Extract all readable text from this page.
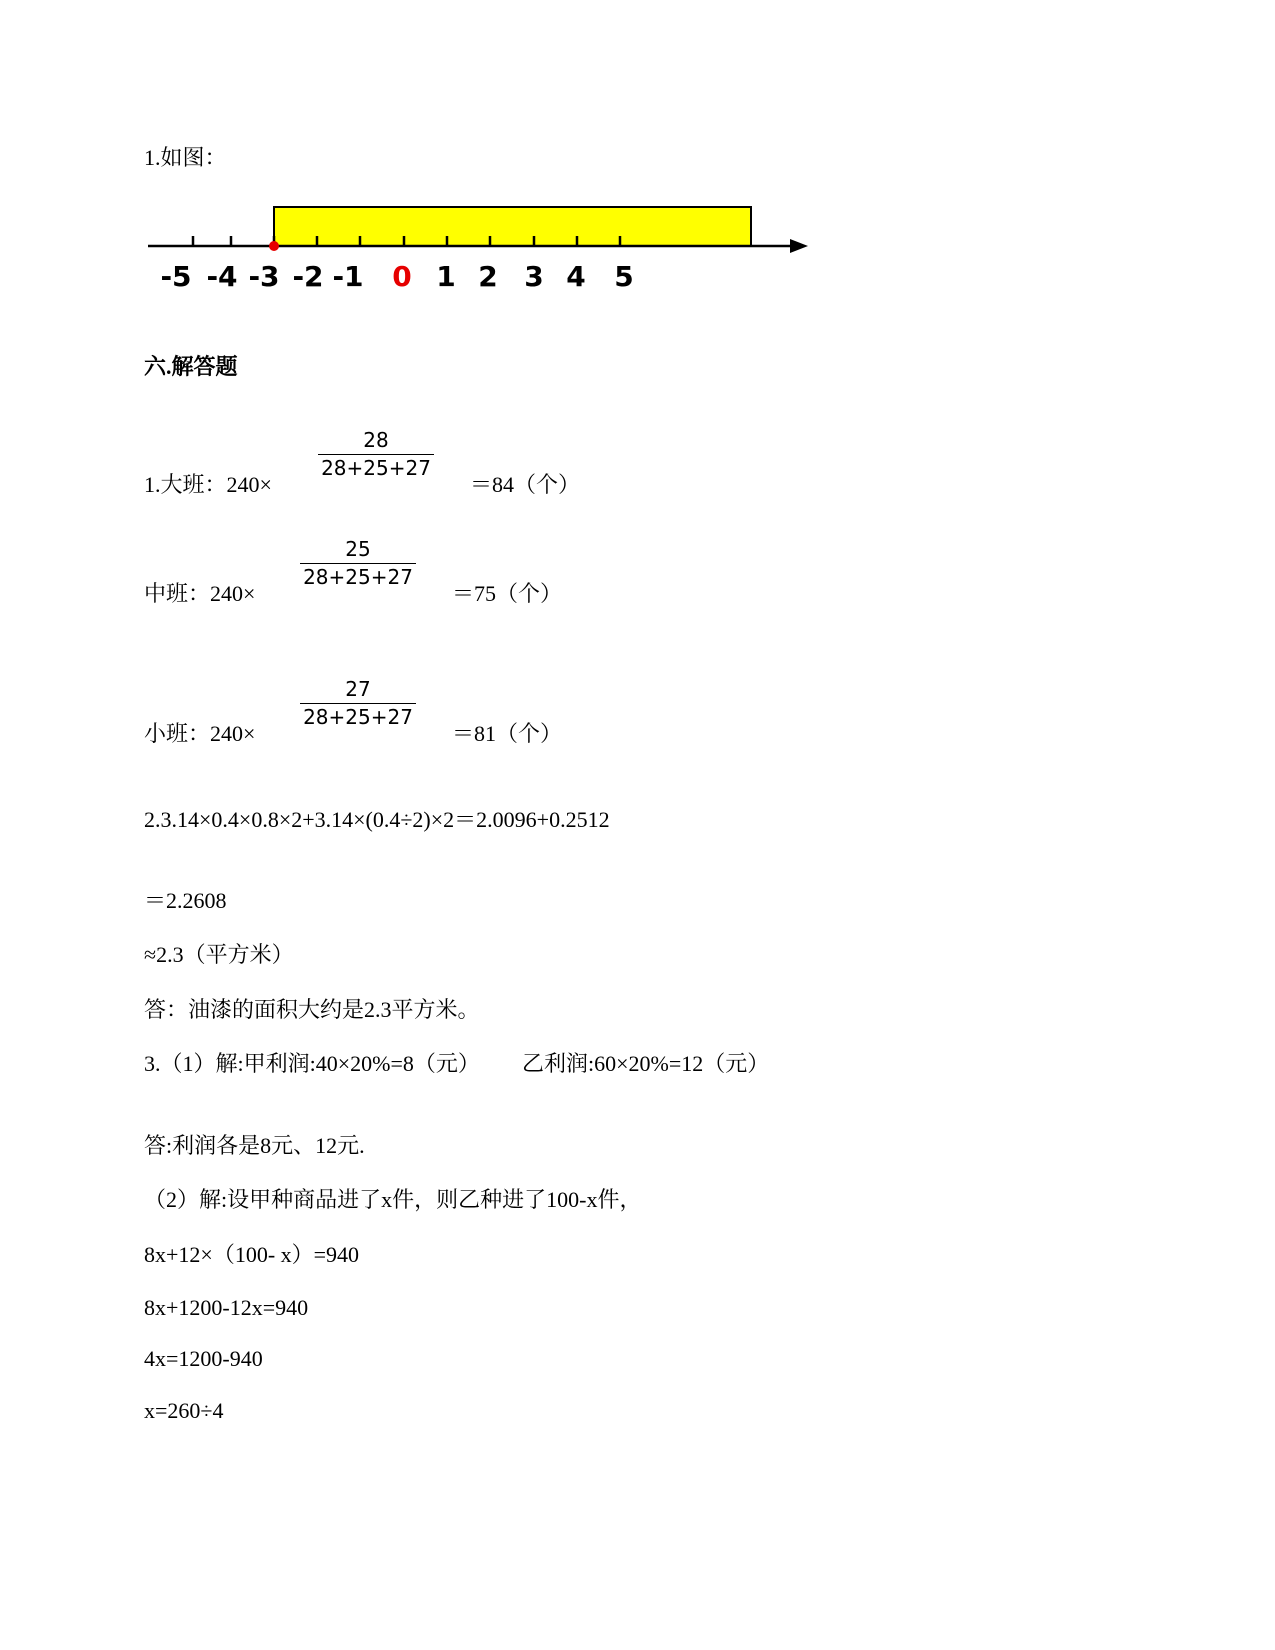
1.如图：
-5 -4 -3 -2 -1 0 1 2 3 4 5
六.解答题
1.大班：240×
28
28+25+27
＝84（个）
中班：240×
25
28+25+27
＝75（个）
小班：240×
27
28+25+27
＝81（个）
2.3.14×0.4×0.8×2+3.14×(0.4÷2)×2＝2.0096+0.2512
＝2.2608
≈2.3（平方米）
答：油漆的面积大约是2.3平方米。
3.（1）解:甲利润:40×20%=8（元） 乙利润:60×20%=12（元）
答:利润各是8元、12元.
（2）解:设甲种商品进了x件，则乙种进了100-x件，
8x+12×（100- x）=940
8x+1200-12x=940
4x=1200-940
x=260÷4
